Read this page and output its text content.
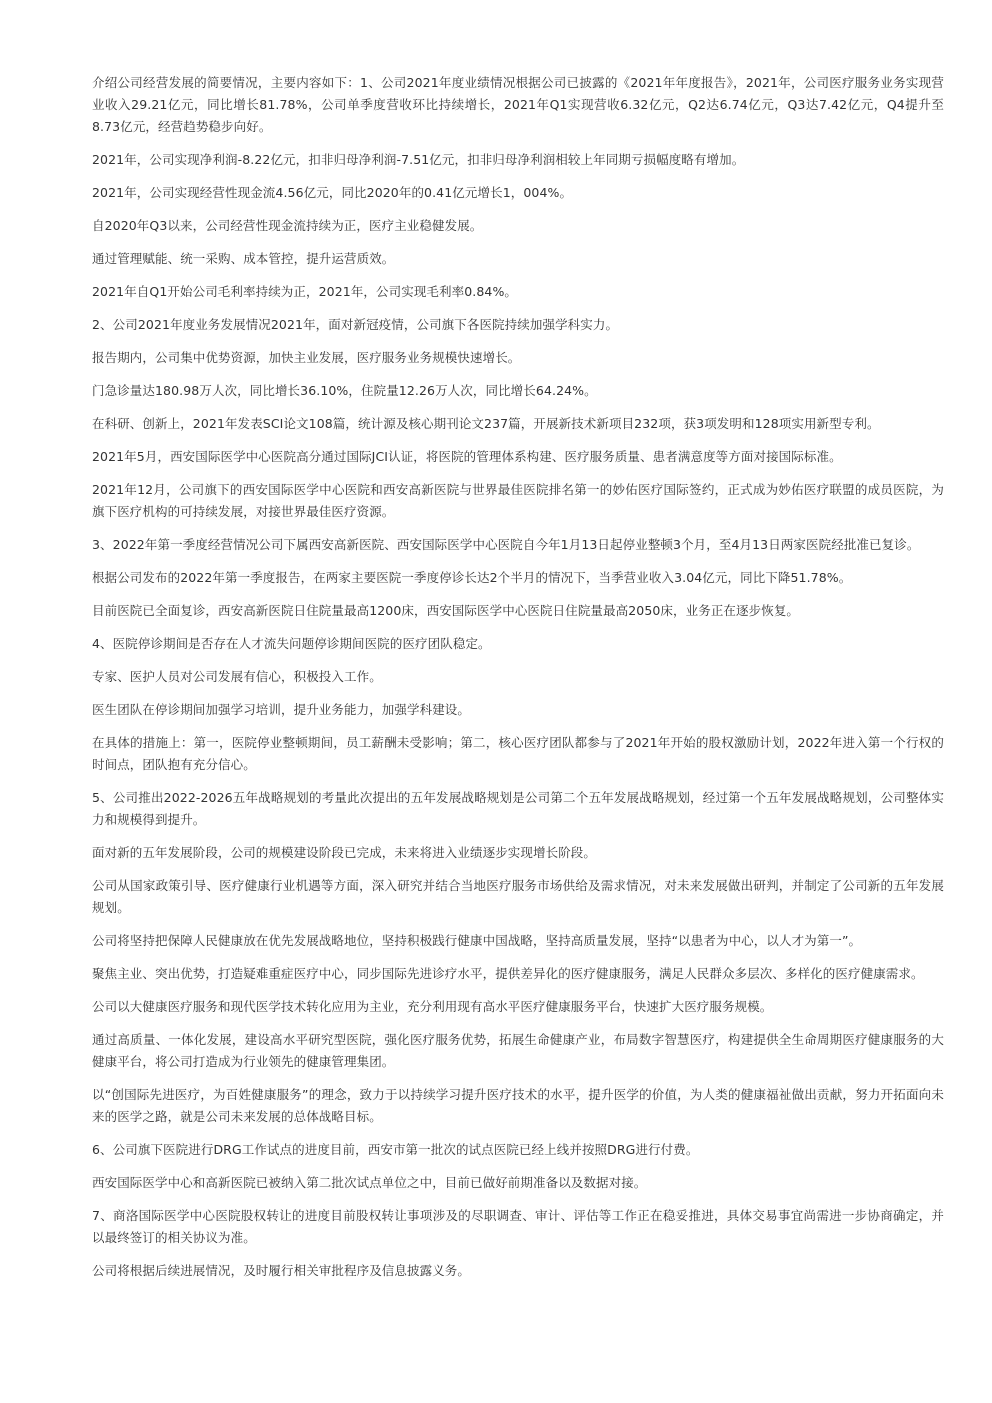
介绍公司经营发展的简要情况，主要内容如下：1、公司2021年度业绩情况根据公司已披露的《2021年年度报告》，2021年，公司医疗服务业务实现营业收入29.21亿元，同比增长81.78%，公司单季度营收环比持续增长，2021年Q1实现营收6.32亿元，Q2达6.74亿元，Q3达7.42亿元，Q4提升至8.73亿元，经营趋势稳步向好。

2021年，公司实现净利润-8.22亿元，扣非归母净利润-7.51亿元，扣非归母净利润相较上年同期亏损幅度略有增加。

2021年，公司实现经营性现金流4.56亿元，同比2020年的0.41亿元增长1，004%。

自2020年Q3以来，公司经营性现金流持续为正，医疗主业稳健发展。

通过管理赋能、统一采购、成本管控，提升运营质效。

2021年自Q1开始公司毛利率持续为正，2021年，公司实现毛利率0.84%。

2、公司2021年度业务发展情况2021年，面对新冠疫情，公司旗下各医院持续加强学科实力。

报告期内，公司集中优势资源，加快主业发展，医疗服务业务规模快速增长。

门急诊量达180.98万人次，同比增长36.10%，住院量12.26万人次，同比增长64.24%。

在科研、创新上，2021年发表SCI论文108篇，统计源及核心期刊论文237篇，开展新技术新项目232项，获3项发明和128项实用新型专利。

2021年5月，西安国际医学中心医院高分通过国际JCI认证，将医院的管理体系构建、医疗服务质量、患者满意度等方面对接国际标准。

2021年12月，公司旗下的西安国际医学中心医院和西安高新医院与世界最佳医院排名第一的妙佑医疗国际签约，正式成为妙佑医疗联盟的成员医院，为旗下医疗机构的可持续发展，对接世界最佳医疗资源。

3、2022年第一季度经营情况公司下属西安高新医院、西安国际医学中心医院自今年1月13日起停业整顿3个月，至4月13日两家医院经批准已复诊。

根据公司发布的2022年第一季度报告，在两家主要医院一季度停诊长达2个半月的情况下，当季营业收入3.04亿元，同比下降51.78%。

目前医院已全面复诊，西安高新医院日住院量最高1200床，西安国际医学中心医院日住院量最高2050床，业务正在逐步恢复。

4、医院停诊期间是否存在人才流失问题停诊期间医院的医疗团队稳定。

专家、医护人员对公司发展有信心，积极投入工作。

医生团队在停诊期间加强学习培训，提升业务能力，加强学科建设。

在具体的措施上：第一，医院停业整顿期间，员工薪酬未受影响；第二，核心医疗团队都参与了2021年开始的股权激励计划，2022年进入第一个行权的时间点，团队抱有充分信心。

5、公司推出2022-2026五年战略规划的考量此次提出的五年发展战略规划是公司第二个五年发展战略规划，经过第一个五年发展战略规划，公司整体实力和规模得到提升。

面对新的五年发展阶段，公司的规模建设阶段已完成，未来将进入业绩逐步实现增长阶段。

公司从国家政策引导、医疗健康行业机遇等方面，深入研究并结合当地医疗服务市场供给及需求情况，对未来发展做出研判，并制定了公司新的五年发展规划。

公司将坚持把保障人民健康放在优先发展战略地位，坚持积极践行健康中国战略，坚持高质量发展，坚持“以患者为中心，以人才为第一”。

聚焦主业、突出优势，打造疑难重症医疗中心，同步国际先进诊疗水平，提供差异化的医疗健康服务，满足人民群众多层次、多样化的医疗健康需求。

公司以大健康医疗服务和现代医学技术转化应用为主业，充分利用现有高水平医疗健康服务平台，快速扩大医疗服务规模。

通过高质量、一体化发展，建设高水平研究型医院，强化医疗服务优势，拓展生命健康产业，布局数字智慧医疗，构建提供全生命周期医疗健康服务的大健康平台，将公司打造成为行业领先的健康管理集团。

以“创国际先进医疗，为百姓健康服务”的理念，致力于以持续学习提升医疗技术的水平，提升医学的价值，为人类的健康福祉做出贡献，努力开拓面向未来的医学之路，就是公司未来发展的总体战略目标。

6、公司旗下医院进行DRG工作试点的进度目前，西安市第一批次的试点医院已经上线并按照DRG进行付费。

西安国际医学中心和高新医院已被纳入第二批次试点单位之中，目前已做好前期准备以及数据对接。

7、商洛国际医学中心医院股权转让的进度目前股权转让事项涉及的尽职调查、审计、评估等工作正在稳妥推进，具体交易事宜尚需进一步协商确定，并以最终签订的相关协议为准。

公司将根据后续进展情况，及时履行相关审批程序及信息披露义务。
